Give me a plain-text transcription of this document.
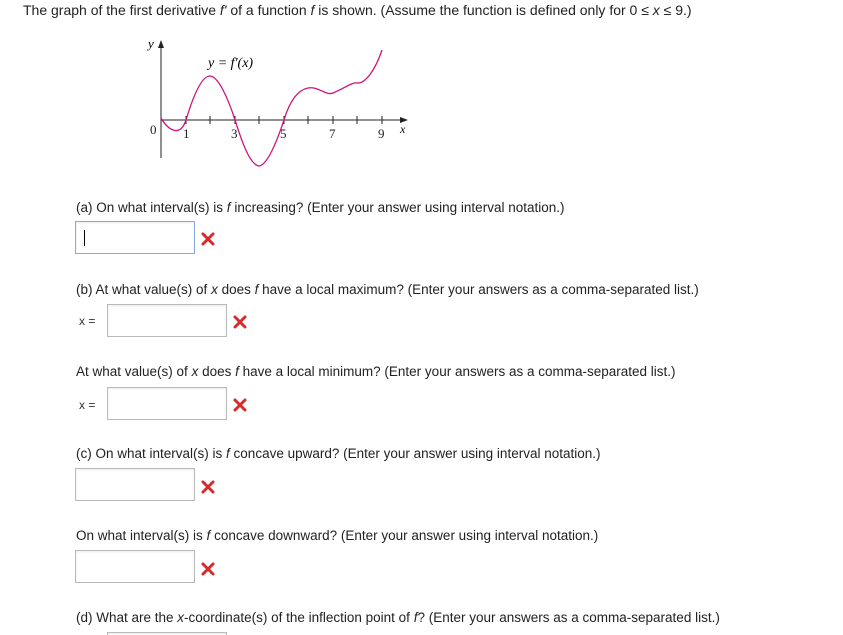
The graph of the first derivative f' of a function f is shown. (Assume the function is defined only for 0 ≤ x ≤ 9.)
y
x
0 1	3	5	7	9
y = f'(x)
(a) On what interval(s) is f increasing? (Enter your answer using interval notation.)
(b) At what value(s) of x does f have a local maximum? (Enter your answers as a comma-separated list.)
x =
At what value(s) of x does f have a local minimum? (Enter your answers as a comma-separated list.)
x =
(c) On what interval(s) is f concave upward? (Enter your answer using interval notation.)
On what interval(s) is f concave downward? (Enter your answer using interval notation.)
(d) What are the x-coordinate(s) of the inflection point of f? (Enter your answers as a comma-separated list.)
